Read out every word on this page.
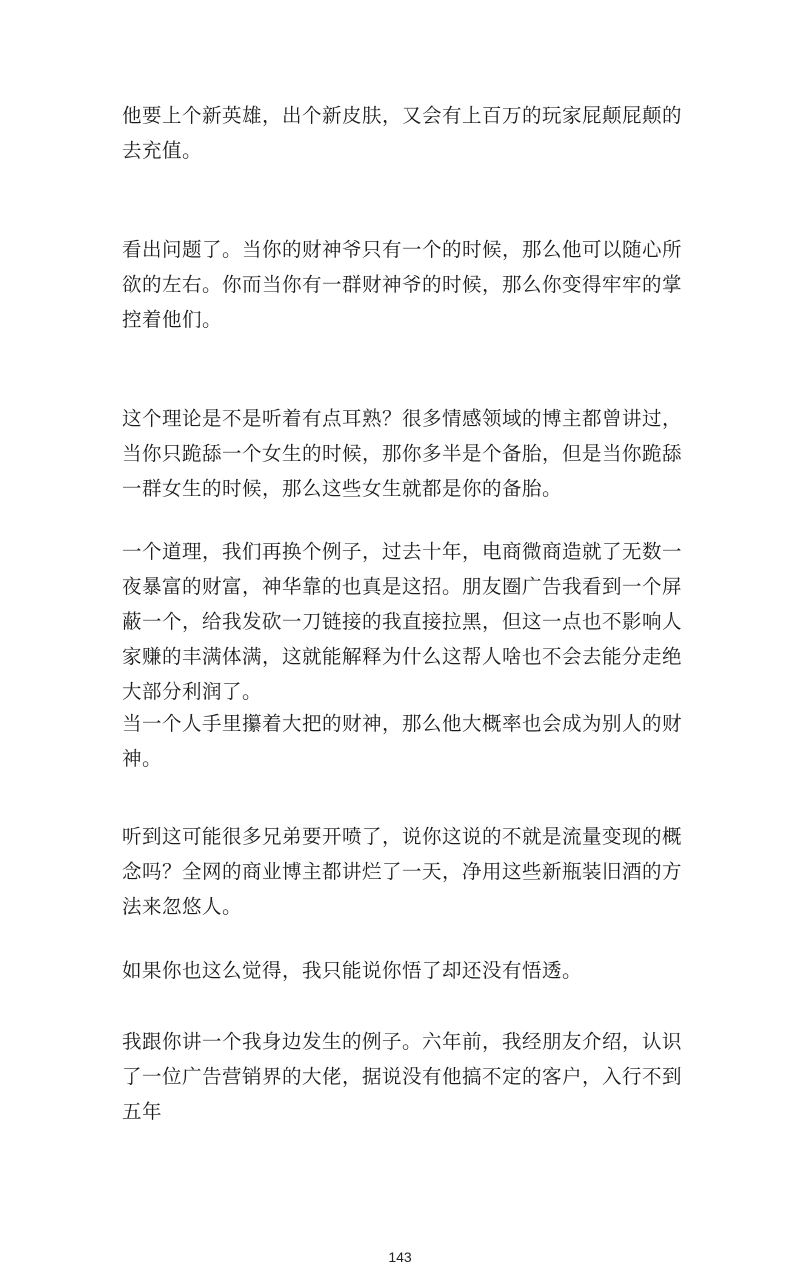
他要上个新英雄，出个新皮肤，又会有上百万的玩家屁颠屁颠的去充值。

看出问题了。当你的财神爷只有一个的时候，那么他可以随心所欲的左右。你而当你有一群财神爷的时候，那么你变得牢牢的掌控着他们。

这个理论是不是听着有点耳熟？很多情感领域的博主都曾讲过，当你只跪舔一个女生的时候，那你多半是个备胎，但是当你跪舔一群女生的时候，那么这些女生就都是你的备胎。

一个道理，我们再换个例子，过去十年，电商微商造就了无数一夜暴富的财富，神华靠的也真是这招。朋友圈广告我看到一个屏蔽一个，给我发砍一刀链接的我直接拉黑，但这一点也不影响人家赚的丰满体满，这就能解释为什么这帮人啥也不会去能分走绝大部分利润了。

当一个人手里攥着大把的财神，那么他大概率也会成为别人的财神。

听到这可能很多兄弟要开喷了，说你这说的不就是流量变现的概念吗？全网的商业博主都讲烂了一天，净用这些新瓶装旧酒的方法来忽悠人。

如果你也这么觉得，我只能说你悟了却还没有悟透。

我跟你讲一个我身边发生的例子。六年前，我经朋友介绍，认识了一位广告营销界的大佬，据说没有他搞不定的客户，入行不到五年

143
